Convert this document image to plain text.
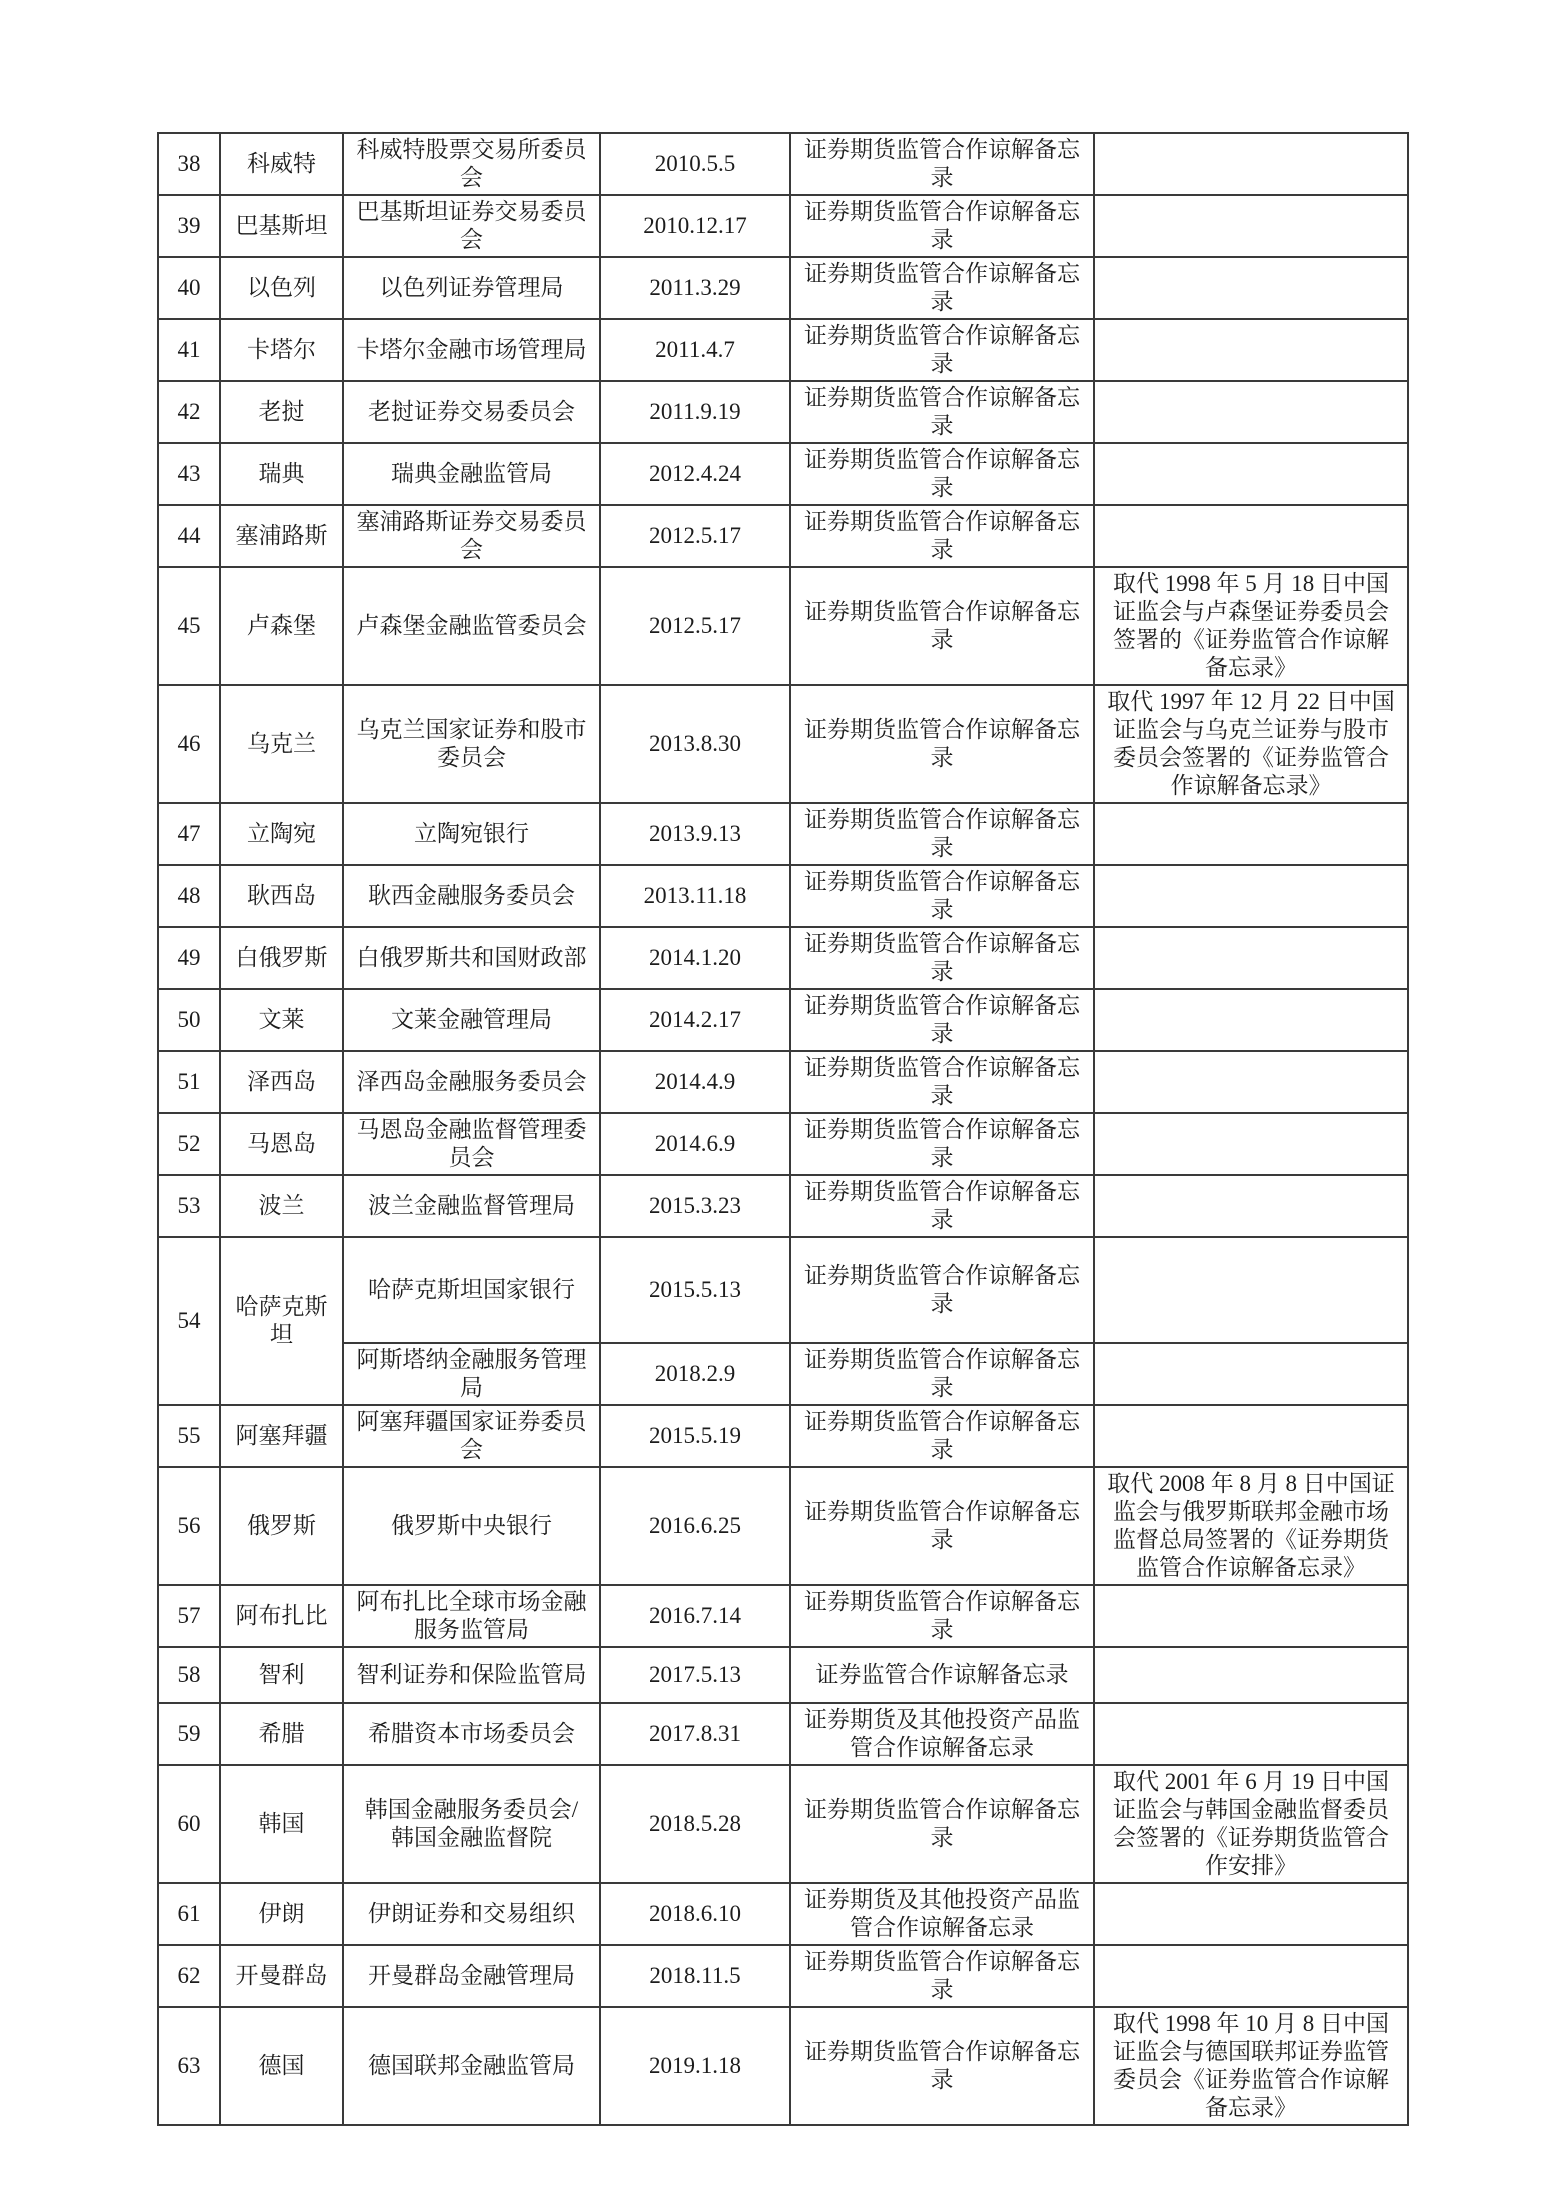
38	科威特	科威特股票交易所委员会	2010.5.5	证券期货监管合作谅解备忘录	
39	巴基斯坦	巴基斯坦证券交易委员会	2010.12.17	证券期货监管合作谅解备忘录	
40	以色列	以色列证券管理局	2011.3.29	证券期货监管合作谅解备忘录	
41	卡塔尔	卡塔尔金融市场管理局	2011.4.7	证券期货监管合作谅解备忘录	
42	老挝	老挝证券交易委员会	2011.9.19	证券期货监管合作谅解备忘录	
43	瑞典	瑞典金融监管局	2012.4.24	证券期货监管合作谅解备忘录	
44	塞浦路斯	塞浦路斯证券交易委员会	2012.5.17	证券期货监管合作谅解备忘录	
45	卢森堡	卢森堡金融监管委员会	2012.5.17	证券期货监管合作谅解备忘录	取代 1998 年 5 月 18 日中国证监会与卢森堡证券委员会签署的《证券监管合作谅解备忘录》
46	乌克兰	乌克兰国家证券和股市委员会	2013.8.30	证券期货监管合作谅解备忘录	取代 1997 年 12 月 22 日中国证监会与乌克兰证券与股市委员会签署的《证券监管合作谅解备忘录》
47	立陶宛	立陶宛银行	2013.9.13	证券期货监管合作谅解备忘录	
48	耿西岛	耿西金融服务委员会	2013.11.18	证券期货监管合作谅解备忘录	
49	白俄罗斯	白俄罗斯共和国财政部	2014.1.20	证券期货监管合作谅解备忘录	
50	文莱	文莱金融管理局	2014.2.17	证券期货监管合作谅解备忘录	
51	泽西岛	泽西岛金融服务委员会	2014.4.9	证券期货监管合作谅解备忘录	
52	马恩岛	马恩岛金融监督管理委员会	2014.6.9	证券期货监管合作谅解备忘录	
53	波兰	波兰金融监督管理局	2015.3.23	证券期货监管合作谅解备忘录	
54	哈萨克斯坦	哈萨克斯坦国家银行	2015.5.13	证券期货监管合作谅解备忘录	
		阿斯塔纳金融服务管理局	2018.2.9	证券期货监管合作谅解备忘录	
55	阿塞拜疆	阿塞拜疆国家证券委员会	2015.5.19	证券期货监管合作谅解备忘录	
56	俄罗斯	俄罗斯中央银行	2016.6.25	证券期货监管合作谅解备忘录	取代 2008 年 8 月 8 日中国证监会与俄罗斯联邦金融市场监督总局签署的《证券期货监管合作谅解备忘录》
57	阿布扎比	阿布扎比全球市场金融服务监管局	2016.7.14	证券期货监管合作谅解备忘录	
58	智利	智利证券和保险监管局	2017.5.13	证券监管合作谅解备忘录	
59	希腊	希腊资本市场委员会	2017.8.31	证券期货及其他投资产品监管合作谅解备忘录	
60	韩国	韩国金融服务委员会/韩国金融监督院	2018.5.28	证券期货监管合作谅解备忘录	取代 2001 年 6 月 19 日中国证监会与韩国金融监督委员会签署的《证券期货监管合作安排》
61	伊朗	伊朗证券和交易组织	2018.6.10	证券期货及其他投资产品监管合作谅解备忘录	
62	开曼群岛	开曼群岛金融管理局	2018.11.5	证券期货监管合作谅解备忘录	
63	德国	德国联邦金融监管局	2019.1.18	证券期货监管合作谅解备忘录	取代 1998 年 10 月 8 日中国证监会与德国联邦证券监管委员会《证券监管合作谅解备忘录》
